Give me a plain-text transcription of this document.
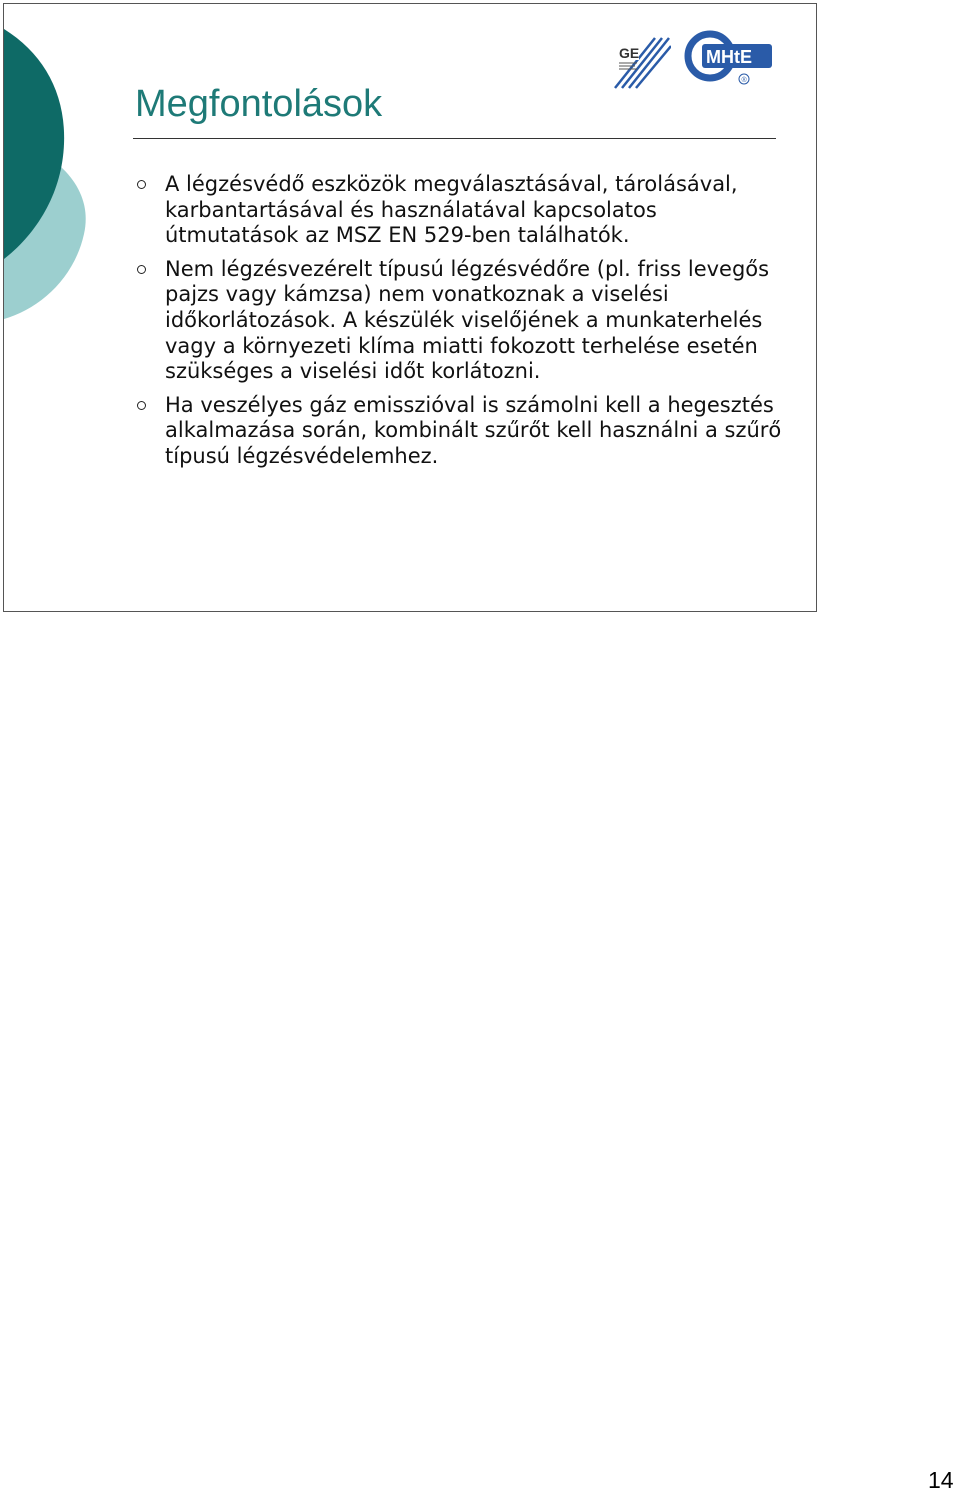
GE	MHtE
®
Megfontolások
A légzésvédő eszközök megválasztásával, tárolásával, karbantartásával és használatával kapcsolatos útmutatások az MSZ EN 529-ben találhatók.
Nem légzésvezérelt típusú légzésvédőre (pl. friss levegős pajzs vagy kámzsa) nem vonatkoznak a viselési időkorlátozások. A készülék viselőjének a munkaterhelés vagy a környezeti klíma miatti fokozott terhelése esetén szükséges a viselési időt korlátozni.
Ha veszélyes gáz emisszióval is számolni kell a hegesztés alkalmazása során, kombinált szűrőt kell használni a szűrő típusú légzésvédelemhez.
14
